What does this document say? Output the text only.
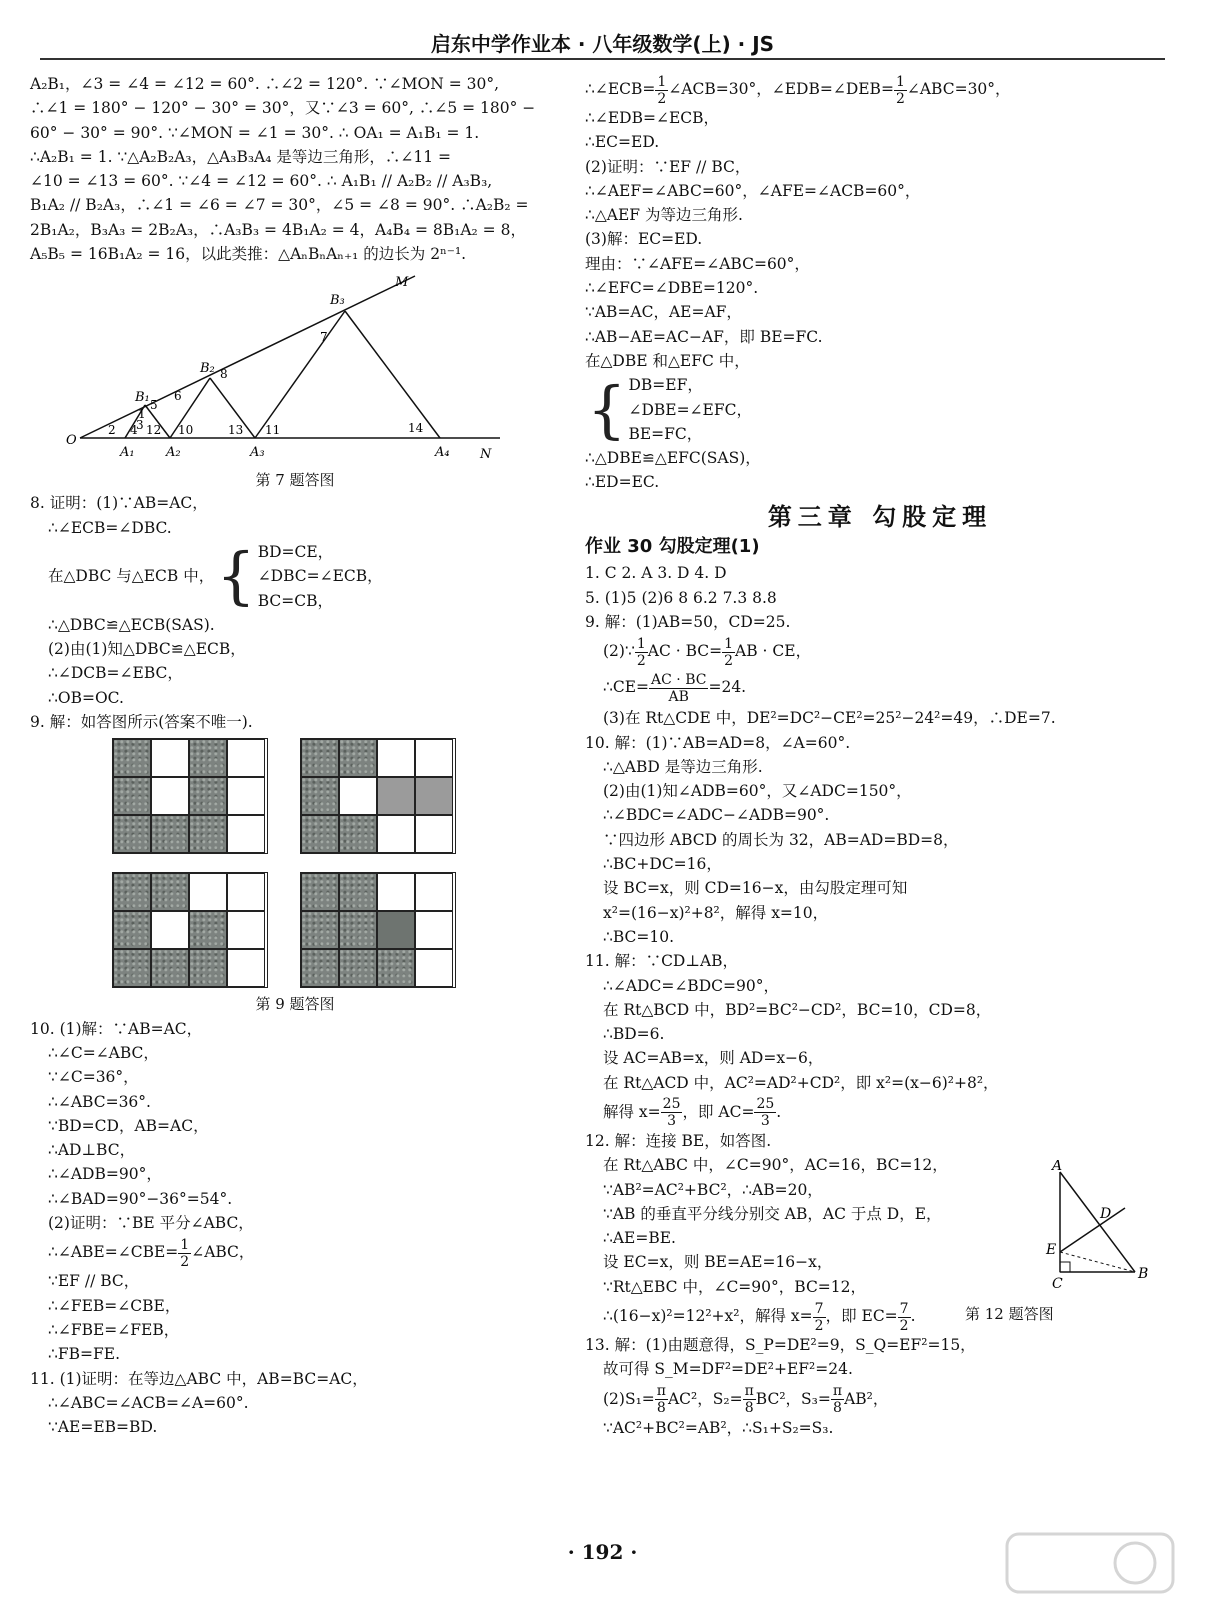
启东中学作业本 · 八年级数学(上) · JS
A₂B₁，∠3 = ∠4 = ∠12 = 60°. ∴∠2 = 120°. ∵∠MON = 30°,
∴∠1 = 180° − 120° − 30° = 30°，又∵∠3 = 60°, ∴∠5 = 180° −
60° − 30° = 90°. ∵∠MON = ∠1 = 30°. ∴ OA₁ = A₁B₁ = 1.
∴A₂B₁ = 1. ∵△A₂B₂A₃，△A₃B₃A₄ 是等边三角形，∴∠11 =
∠10 = ∠13 = 60°. ∵∠4 = ∠12 = 60°. ∴ A₁B₁ // A₂B₂ // A₃B₃,
B₁A₂ // B₂A₃，∴∠1 = ∠6 = ∠7 = 30°，∠5 = ∠8 = 90°. ∴A₂B₂ =
2B₁A₂，B₃A₃ = 2B₂A₃，∴A₃B₃ = 4B₁A₂ = 4，A₄B₄ = 8B₁A₂ = 8，
A₅B₅ = 16B₁A₂ = 16，以此类推：△AₙBₙAₙ₊₁ 的边长为 2ⁿ⁻¹.
M
B₃
B₂
B₁
O
A₁ A₂	A₃	A₄ N
1
2 3
4
5
6
7
8
10	11
12	13	14
第 7 题答图
8. 证明：(1)∵AB=AC，
∴∠ECB=∠DBC.
在△DBC 与△ECB 中， { BD=CE，
∠DBC=∠ECB，
BC=CB，
∴△DBC≌△ECB(SAS).
(2)由(1)知△DBC≌△ECB，
∴∠DCB=∠EBC，
∴OB=OC.
9. 解：如答图所示(答案不唯一).
第 9 题答图
10. (1)解：∵AB=AC，
∴∠C=∠ABC，
∵∠C=36°，
∴∠ABC=36°.
∵BD=CD，AB=AC，
∴AD⊥BC，
∴∠ADB=90°，
∴∠BAD=90°−36°=54°.
(2)证明：∵BE 平分∠ABC，
∴∠ABE=∠CBE= $\frac{1}{2}$ ∠ABC，
∵EF // BC，
∴∠FEB=∠CBE，
∴∠FBE=∠FEB，
∴FB=FE.
11. (1)证明：在等边△ABC 中，AB=BC=AC，
∴∠ABC=∠ACB=∠A=60°.
∵AE=EB=BD.
∴∠ECB= $\frac{1}{2}$ ∠ACB=30°，∠EDB=∠DEB= $\frac{1}{2}$ ∠ABC=30°，
∴∠EDB=∠ECB，
∴EC=ED.
(2)证明：∵EF // BC，
∴∠AEF=∠ABC=60°，∠AFE=∠ACB=60°，
∴△AEF 为等边三角形.
(3)解：EC=ED.
理由：∵∠AFE=∠ABC=60°，
∴∠EFC=∠DBE=120°.
∵AB=AC，AE=AF，
∴AB−AE=AC−AF，即 BE=FC.
在△DBE 和△EFC 中，
{ DB=EF，
∠DBE=∠EFC，
BE=FC，
∴△DBE≌△EFC(SAS)，
∴ED=EC.
第三章 勾股定理
作业 30 勾股定理(1)
1. C 2. A 3. D 4. D
5. (1)5 (2)6 8 6.2 7.3 8.8
9. 解：(1)AB=50，CD=25.
(2)∵ $\frac{1}{2}$ AC · $BC= \frac{1}{2}$ AB · CE，
∴CE= $\frac{AC \cdot BC}{AB} =24$.
(3)在 Rt△CDE 中，DE²=DC²−CE²=25²−24²=49，∴DE=7.
10. 解：(1)∵AB=AD=8，∠A=60°.
∴△ABD 是等边三角形.
(2)由(1)知∠ADB=60°，又∠ADC=150°，
∴∠BDC=∠ADC−∠ADB=90°.
∵四边形 ABCD 的周长为 32，AB=AD=BD=8，
∴BC+DC=16，
设 BC=x，则 CD=16−x，由勾股定理可知
x²=(16−x)²+8²，解得 x=10，
∴BC=10.
11. 解：∵CD⊥AB，
∴∠ADC=∠BDC=90°，
在 Rt△BCD 中，BD²=BC²−CD²，BC=10，CD=8，
∴BD=6.
设 AC=AB=x，则 AD=x−6，
在 Rt△ACD 中，AC²=AD²+CD²，即 x²=(x−6)²+8²，
解得 $x= \frac{25}{3}$ ，即 $AC= \frac{25}{3}$ .
12. 解：连接 BE，如答图.
在 Rt△ABC 中，∠C=90°，AC=16，BC=12，
∵AB²=AC²+BC²，∴AB=20，
∵AB 的垂直平分线分别交 AB，AC 于点 D，E，
∴AE=BE.
设 EC=x，则 BE=AE=16−x，
∵Rt△EBC 中，∠C=90°，BC=12，
∴(16−x)²=12²+x²，解得 $x= \frac{7}{2}$ ，即 $EC= \frac{7}{2}$ .
13. 解：(1)由题意得，S_P=DE²=9，S_Q=EF²=15，
故可得 S_M=DF²=DE²+EF²=24.
$(2)S_1= \frac{\pi}{8} AC^2$，$S_2= \frac{\pi}{8} BC^2$，$S_3= \frac{\pi}{8} AB^2$，
∵AC²+BC²=AB²，∴S₁+S₂=S₃.
A
D
E
C
B
第 12 题答图
· 192 ·
